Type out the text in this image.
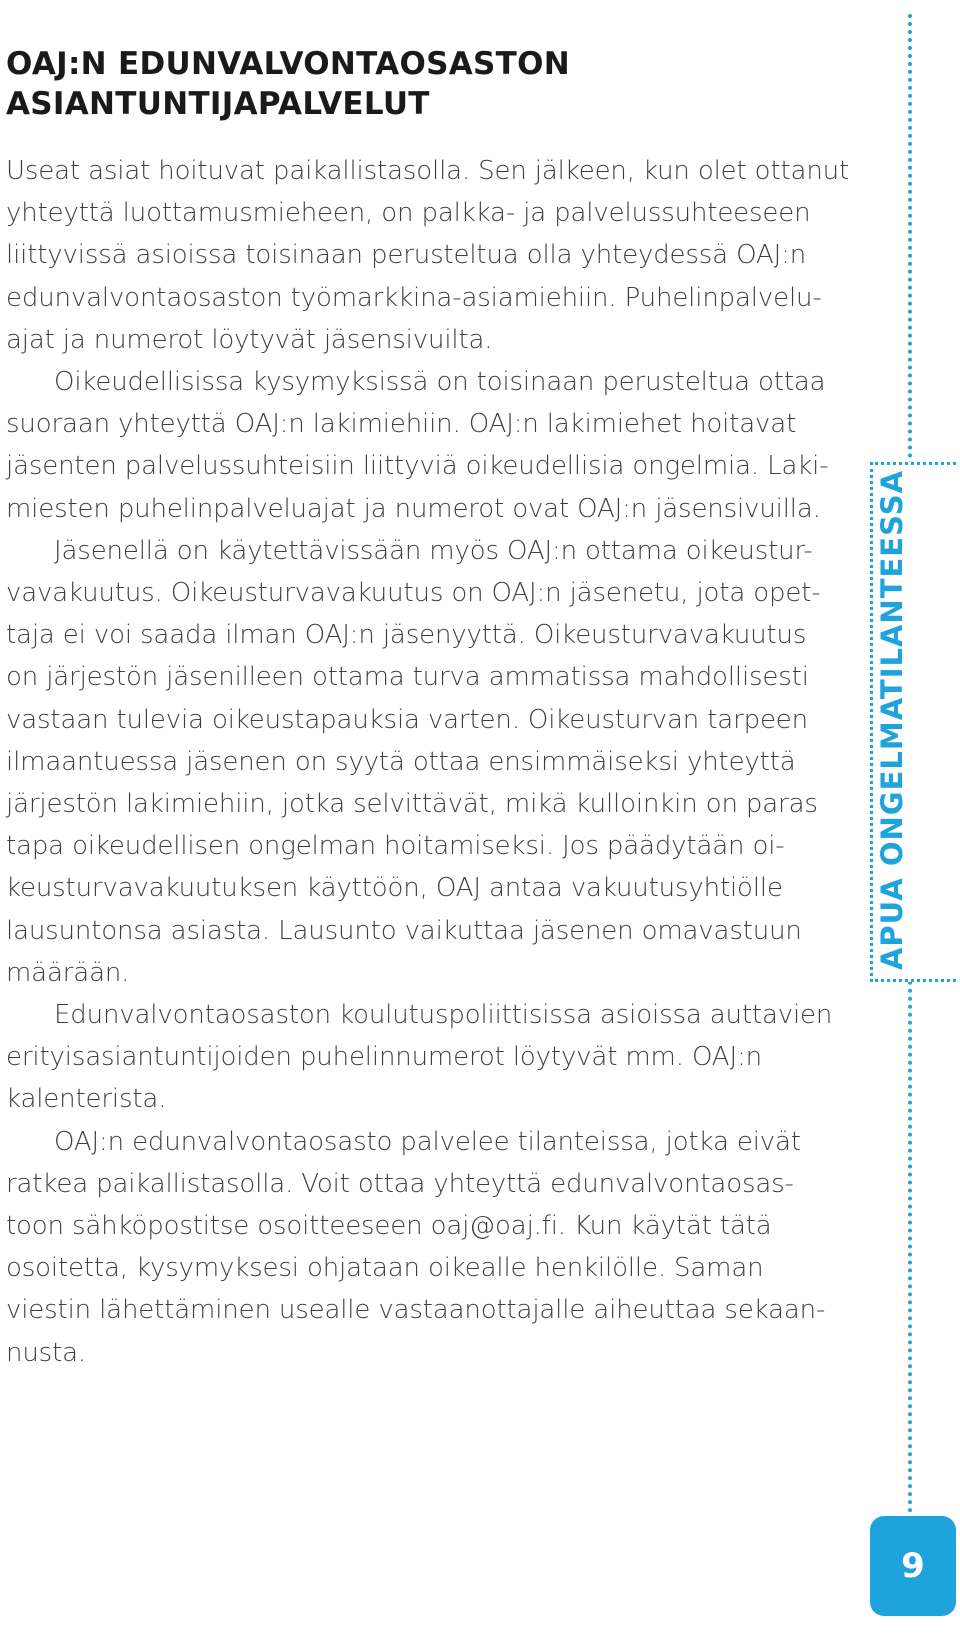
APUA ONGELMATILANTEESSA
OAJ:N EDUNVALVONTAOSASTON
ASIANTUNTIJAPALVELUT

Useat asiat hoituvat paikallistasolla. Sen jälkeen, kun olet ottanut
yhteyttä luottamusmieheen, on palkka- ja palvelussuhteeseen
liittyvissä asioissa toisinaan perusteltua olla yhteydessä OAJ:n
edunvalvontaosaston työmarkkina-asiamiehiin. Puhelinpalvelu-
ajat ja numerot löytyvät jäsensivuilta.

Oikeudellisissa kysymyksissä on toisinaan perusteltua ottaa
suoraan yhteyttä OAJ:n lakimiehiin. OAJ:n lakimiehet hoitavat
jäsenten palvelussuhteisiin liittyviä oikeudellisia ongelmia. Laki-
miesten puhelinpalveluajat ja numerot ovat OAJ:n jäsensivuilla.

Jäsenellä on käytettävissään myös OAJ:n ottama oikeustur-
vavakuutus. Oikeusturvavakuutus on OAJ:n jäsenetu, jota opet-
taja ei voi saada ilman OAJ:n jäsenyyttä. Oikeusturvavakuutus
on järjestön jäsenilleen ottama turva ammatissa mahdollisesti
vastaan tulevia oikeustapauksia varten. Oikeusturvan tarpeen
ilmaantuessa jäsenen on syytä ottaa ensimmäiseksi yhteyttä
järjestön lakimiehiin, jotka selvittävät, mikä kulloinkin on paras
tapa oikeudellisen ongelman hoitamiseksi. Jos päädytään oi-
keusturvavakuutuksen käyttöön, OAJ antaa vakuutusyhtiölle
lausuntonsa asiasta. Lausunto vaikuttaa jäsenen omavastuun
määrään.

Edunvalvontaosaston koulutuspoliittisissa asioissa auttavien
erityisasiantuntijoiden puhelinnumerot löytyvät mm. OAJ:n
kalenterista.

OAJ:n edunvalvontaosasto palvelee tilanteissa, jotka eivät
ratkea paikallistasolla. Voit ottaa yhteyttä edunvalvontaosas-
toon sähköpostitse osoitteeseen oaj@oaj.fi. Kun käytät tätä
osoitetta, kysymyksesi ohjataan oikealle henkilölle. Saman
viestin lähettäminen usealle vastaanottajalle aiheuttaa sekaan-
nusta.

9
